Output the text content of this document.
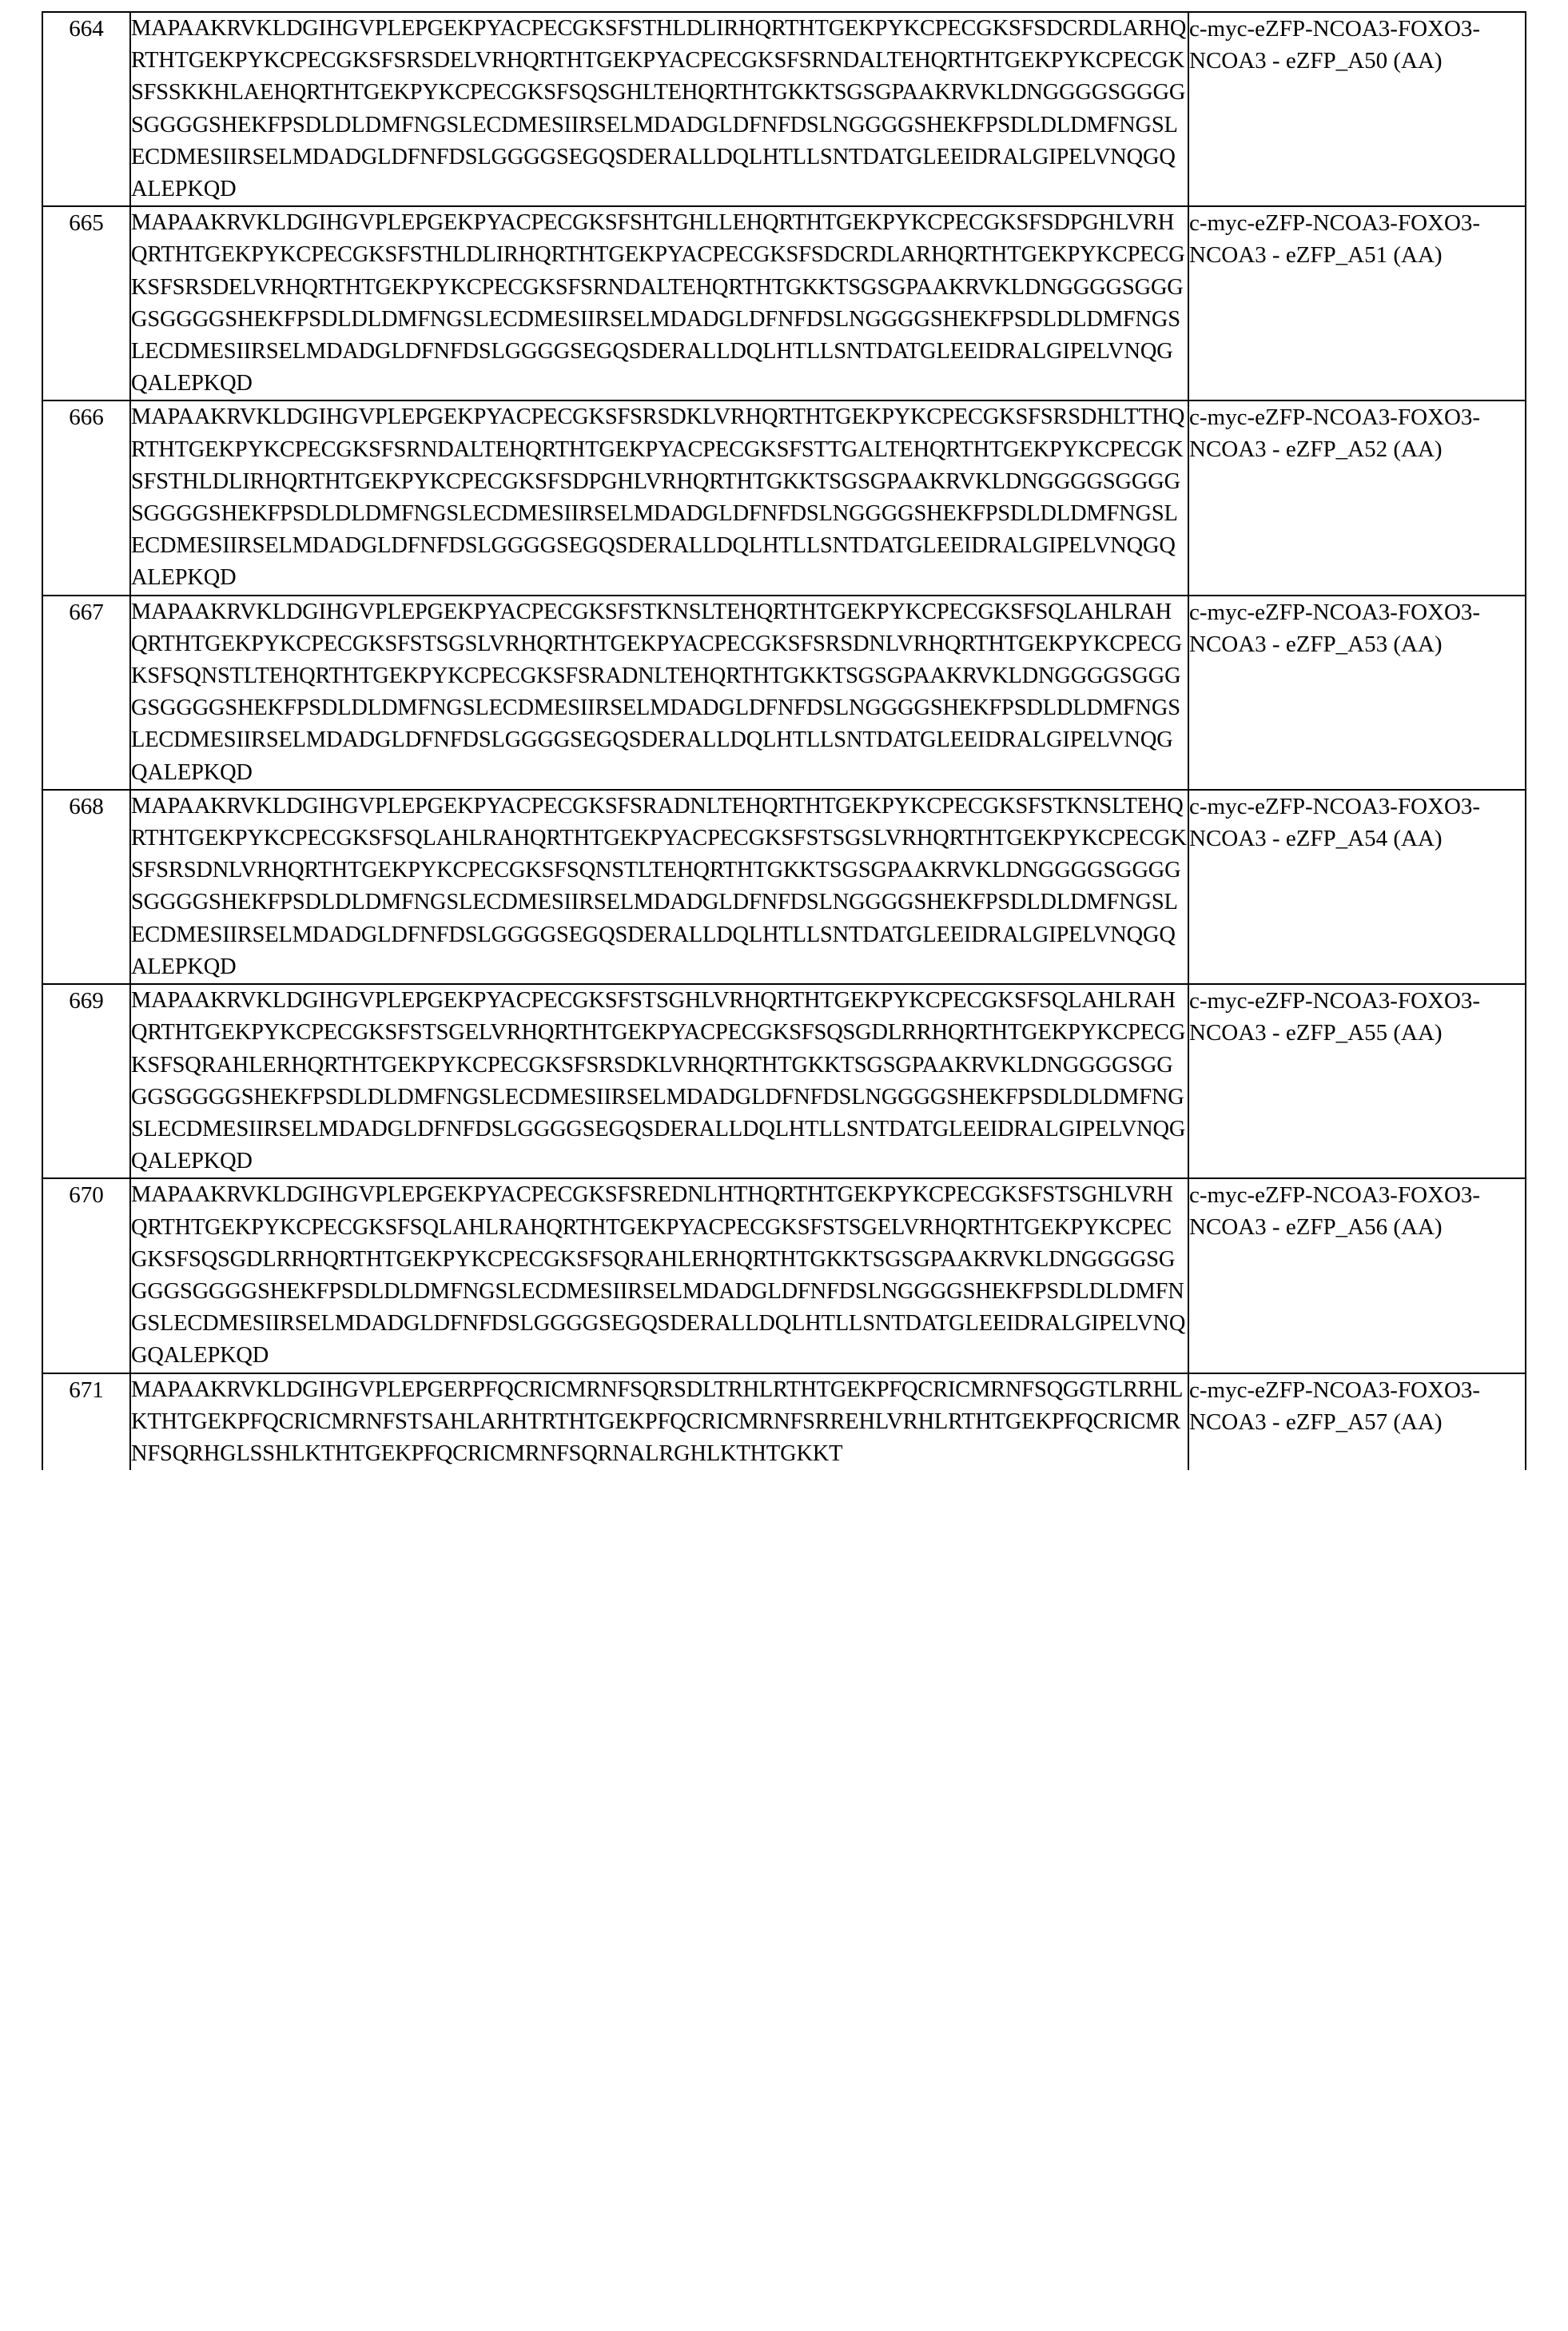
664	MAPAAKRVKLDGIHGVPLEPGEKPYACPECGKSFSTHLDLIRHQRTHTGEKPYKCPECGKSFSDCRDLARHQRTHTGEKPYKCPECGKSFSRSDELVRHQRTHTGEKPYACPECGKSFSRNDALTEHQRTHTGEKPYKCPECGKSFSSKKHLAEHQRTHTGEKPYKCPECGKSFSQSGHLTEHQRTHTGKKTSGSGPAAKRVKLDNGGGGSGGGGSGGGGSHEKFPSDLDLDMFNGSLECDMESIIRSELMDADGLDFNFDSLNGGGGSHEKFPSDLDLDMFNGSLECDMESIIRSELMDADGLDFNFDSLGGGGSEGQSDERALLDQLHTLLSNTDATGLEEIDRALGIPELVNQGQALEPKQD	c-myc-eZFP-NCOA3-FOXO3-NCOA3 - eZFP_A50 (AA)

665	MAPAAKRVKLDGIHGVPLEPGEKPYACPECGKSFSHTGHLLEHQRTHTGEKPYKCPECGKSFSDPGHLVRHQRTHTGEKPYKCPECGKSFSTHLDLIRHQRTHTGEKPYACPECGKSFSDCRDLARHQRTHTGEKPYKCPECGKSFSRSDELVRHQRTHTGEKPYKCPECGKSFSRNDALTEHQRTHTGKKTSGSGPAAKRVKLDNGGGGSGGGGSGGGGSHEKFPSDLDLDMFNGSLECDMESIIRSELMDADGLDFNFDSLNGGGGSHEKFPSDLDLDMFNGSLECDMESIIRSELMDADGLDFNFDSLGGGGSEGQSDERALLDQLHTLLSNTDATGLEEIDRALGIPELVNQGQALEPKQD	c-myc-eZFP-NCOA3-FOXO3-NCOA3 - eZFP_A51 (AA)

666	MAPAAKRVKLDGIHGVPLEPGEKPYACPECGKSFSRSDKLVRHQRTHTGEKPYKCPECGKSFSRSDHLTTHQRTHTGEKPYKCPECGKSFSRNDALTEHQRTHTGEKPYACPECGKSFSTTGALTEHQRTHTGEKPYKCPECGKSFSTHLDLIRHQRTHTGEKPYKCPECGKSFSDPGHLVRHQRTHTGKKTSGSGPAAKRVKLDNGGGGSGGGGSGGGGSHEKFPSDLDLDMFNGSLECDMESIIRSELMDADGLDFNFDSLNGGGGSHEKFPSDLDLDMFNGSLECDMESIIRSELMDADGLDFNFDSLGGGGSEGQSDERALLDQLHTLLSNTDATGLEEIDRALGIPELVNQGQALEPKQD	c-myc-eZFP-NCOA3-FOXO3-NCOA3 - eZFP_A52 (AA)

667	MAPAAKRVKLDGIHGVPLEPGEKPYACPECGKSFSTKNSLTEHQRTHTGEKPYKCPECGKSFSQLAHLRAHQRTHTGEKPYKCPECGKSFSTSGSLVRHQRTHTGEKPYACPECGKSFSRSDNLVRHQRTHTGEKPYKCPECGKSFSQNSTLTEHQRTHTGEKPYKCPECGKSFSRADNLTEHQRTHTGKKTSGSGPAAKRVKLDNGGGGSGGGGSGGGGSHEKFPSDLDLDMFNGSLECDMESIIRSELMDADGLDFNFDSLNGGGGSHEKFPSDLDLDMFNGSLECDMESIIRSELMDADGLDFNFDSLGGGGSEGQSDERALLDQLHTLLSNTDATGLEEIDRALGIPELVNQGQALEPKQD	c-myc-eZFP-NCOA3-FOXO3-NCOA3 - eZFP_A53 (AA)

668	MAPAAKRVKLDGIHGVPLEPGEKPYACPECGKSFSRADNLTEHQRTHTGEKPYKCPECGKSFSTKNSLTEHQRTHTGEKPYKCPECGKSFSQLAHLRAHQRTHTGEKPYACPECGKSFSTSGSLVRHQRTHTGEKPYKCPECGKSFSRSDNLVRHQRTHTGEKPYKCPECGKSFSQNSTLTEHQRTHTGKKTSGSGPAAKRVKLDNGGGGSGGGGSGGGGSHEKFPSDLDLDMFNGSLECDMESIIRSELMDADGLDFNFDSLNGGGGSHEKFPSDLDLDMFNGSLECDMESIIRSELMDADGLDFNFDSLGGGGSEGQSDERALLDQLHTLLSNTDATGLEEIDRALGIPELVNQGQALEPKQD	c-myc-eZFP-NCOA3-FOXO3-NCOA3 - eZFP_A54 (AA)

669	MAPAAKRVKLDGIHGVPLEPGEKPYACPECGKSFSTSGHLVRHQRTHTGEKPYKCPECGKSFSQLAHLRAHQRTHTGEKPYKCPECGKSFSTSGELVRHQRTHTGEKPYACPECGKSFSQSGDLRRHQRTHTGEKPYKCPECGKSFSQRAHLERHQRTHTGEKPYKCPECGKSFSRSDKLVRHQRTHTGKKTSGSGPAAKRVKLDNGGGGSGGGGSGGGGSHEKFPSDLDLDMFNGSLECDMESIIRSELMDADGLDFNFDSLNGGGGSHEKFPSDLDLDMFNGSLECDMESIIRSELMDADGLDFNFDSLGGGGSEGQSDERALLDQLHTLLSNTDATGLEEIDRALGIPELVNQGQALEPKQD	c-myc-eZFP-NCOA3-FOXO3-NCOA3 - eZFP_A55 (AA)

670	MAPAAKRVKLDGIHGVPLEPGEKPYACPECGKSFSREDNLHTHQRTHTGEKPYKCPECGKSFSTSGHLVRHQRTHTGEKPYKCPECGKSFSQLAHLRAHQRTHTGEKPYACPECGKSFSTSGELVRHQRTHTGEKPYKCPECGKSFSQSGDLRRHQRTHTGEKPYKCPECGKSFSQRAHLERHQRTHTGKKTSGSGPAAKRVKLDNGGGGSGGGGSGGGGSHEKFPSDLDLDMFNGSLECDMESIIRSELMDADGLDFNFDSLNGGGGSHEKFPSDLDLDMFNGSLECDMESIIRSELMDADGLDFNFDSLGGGGSEGQSDERALLDQLHTLLSNTDATGLEEIDRALGIPELVNQGQALEPKQD	c-myc-eZFP-NCOA3-FOXO3-NCOA3 - eZFP_A56 (AA)

671	MAPAAKRVKLDGIHGVPLEPGERPFQCRICMRNFSQRSDLTRHLRTHTGEKPFQCRICMRNFSQGGTLRRHLKTHTGEKPFQCRICMRNFSTSAHLARHTRTHTGEKPFQCRICMRNFSRREHLVRHLRTHTGEKPFQCRICMRNFSQRHGLSSHLKTHTGEKPFQCRICMRNFSQRNALRGHLKTHTGKKT	c-myc-eZFP-NCOA3-FOXO3-NCOA3 - eZFP_A57 (AA)
